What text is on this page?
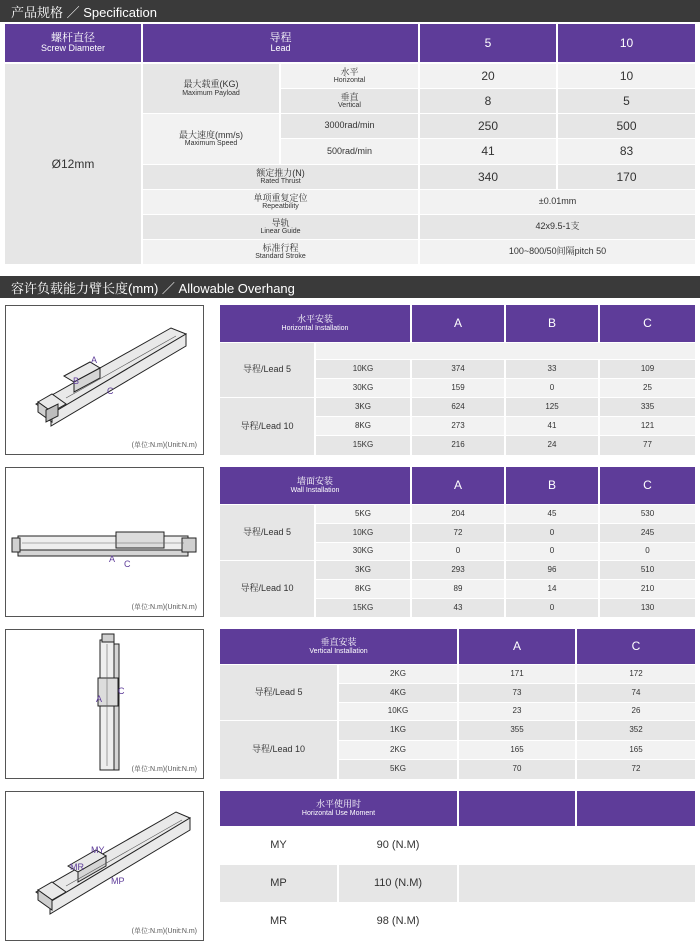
产品规格 ／ Specification
螺杆直径
Screw Diameter
导程
Lead	5	10
Ø12mm
最大载重(KG)
Maximum Payload
水平
Horizontal	20	10
垂直
Vertical	8	5
最大速度(mm/s)
Maximum Speed
3000rad/min	250	500
500rad/min	41	83
额定推力(N)
Rated Thrust	340	170
单项重复定位
Repeatbility
±0.01mm
导轨
Linear Guide
42x9.5-1支
标准行程
Standard Stroke
100~800/50间隔pitch 50
容许负载能力臂长度(mm) ／ Allowable Overhang
A
B
C
(单位:N.m)(Unit:N.m)
水平安装
Horizontal Installation	A	B	C
导程/Lead 5	10KG	374	33	109
30KG	159	0	25
导程/Lead 10
3KG	624	125	335
8KG	273	41	121
15KG	216	24	77
A C
(单位:N.m)(Unit:N.m)
墙面安装
Wall Installation	A	B	C
导程/Lead 5
5KG	204	45	530
10KG	72	0	245
30KG	0	0	0
导程/Lead 10
3KG	293	96	510
8KG	89	14	210
15KG	43	0	130
A
C
(单位:N.m)(Unit:N.m)
垂直安装
Vertical Installation	A	C
导程/Lead 5
2KG	171	172
4KG	73	74
10KG	23	26
导程/Lead 10
1KG	355	352
2KG	165	165
5KG	70	72
MY
MR
MP
(单位:N.m)(Unit:N.m)
水平使用时
Horizontal Use Moment
MY	90 (N.M)
MP	110 (N.M)
MR	98 (N.M)
